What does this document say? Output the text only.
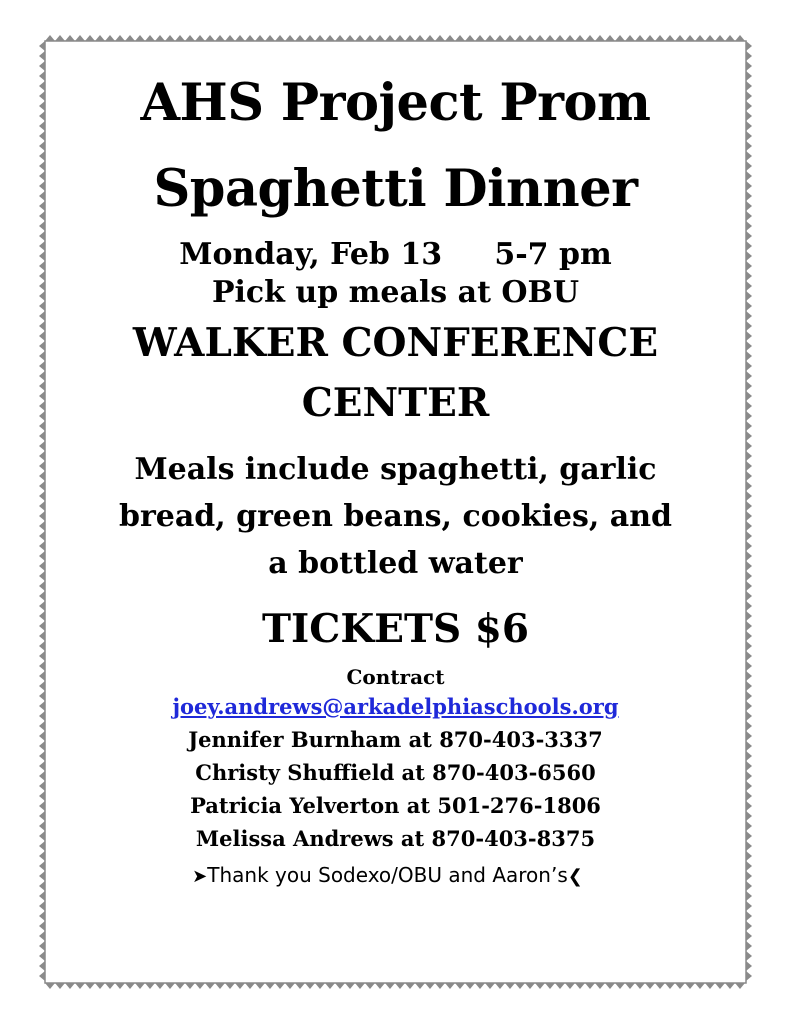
AHS Project Prom
Spaghetti Dinner
Monday, Feb 13 5-7 pm
Pick up meals at OBU
WALKER CONFERENCE
CENTER
Meals include spaghetti, garlic
bread, green beans, cookies, and
a bottled water
TICKETS $6
Contract
joey.andrews@arkadelphiaschools.org
Jennifer Burnham at 870-403-3337
Christy Shuffield at 870-403-6560
Patricia Yelverton at 501-276-1806
Melissa Andrews at 870-403-8375
➤Thank you Sodexo/OBU and Aaron’s❮
